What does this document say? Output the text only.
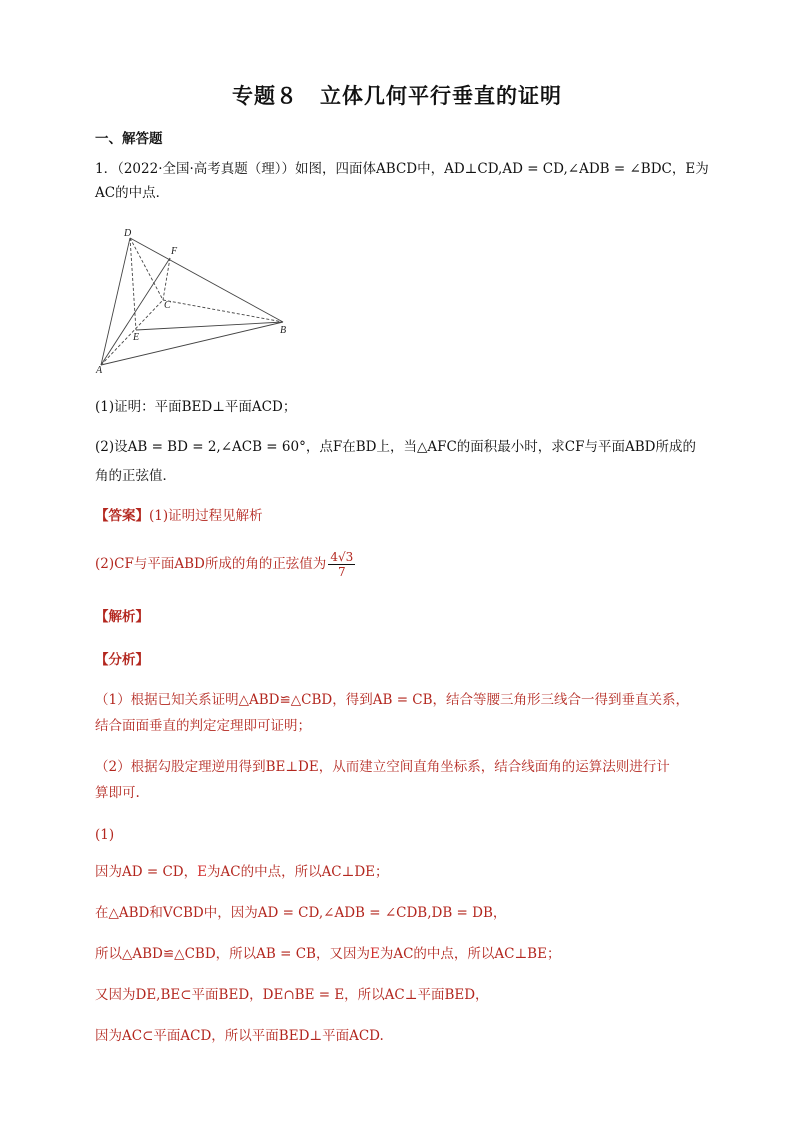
专题８　立体几何平行垂直的证明
一、解答题
1．（2022·全国·高考真题（理））如图，四面体ABCD中，AD⊥CD,AD = CD,∠ADB = ∠BDC，E为
AC的中点．
D
F
C
E
B
A
(1)证明：平面BED⊥平面ACD；
(2)设AB = BD = 2,∠ACB = 60°，点F在BD上，当△AFC的面积最小时，求CF与平面ABD所成的
角的正弦值．
【答案】(1)证明过程见解析
(2)CF与平面ABD所成的角的正弦值为 $\frac{4√3}{7}$
【解析】
【分析】
（1）根据已知关系证明△ABD≌△CBD，得到AB = CB，结合等腰三角形三线合一得到垂直关系，
结合面面垂直的判定定理即可证明；
（2）根据勾股定理逆用得到BE⊥DE，从而建立空间直角坐标系，结合线面角的运算法则进行计
算即可.
(1)
因为AD = CD，E为AC的中点，所以AC⊥DE；
在△ABD和VCBD中，因为AD = CD,∠ADB = ∠CDB,DB = DB，
所以△ABD≌△CBD，所以AB = CB，又因为E为AC的中点，所以AC⊥BE；
又因为DE,BE⊂平面BED，DE∩BE = E，所以AC⊥平面BED，
因为AC⊂平面ACD，所以平面BED⊥平面ACD.
